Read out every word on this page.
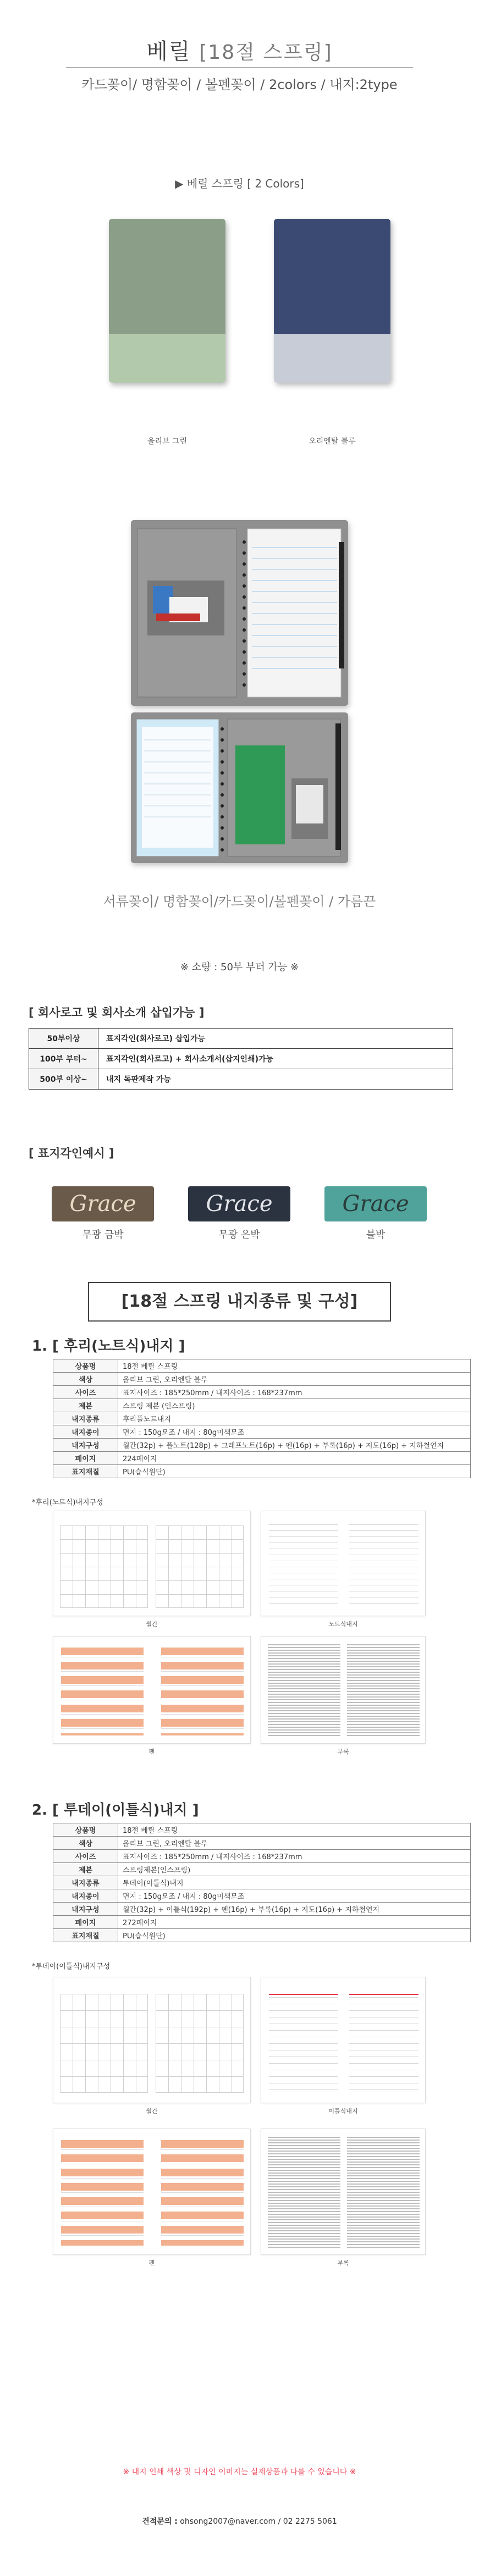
베릴 [18절 스프링]
카드꽂이/ 명함꽂이 / 볼펜꽂이 / 2colors / 내지:2type
▶ 베릴 스프링 [ 2 Colors]
올리브 그린	오리엔탈 블루
서류꽂이/ 명함꽂이/카드꽂이/볼펜꽂이 / 가름끈
※ 소량 : 50부 부터 가능 ※
[ 회사로고 및 회사소개 삽입가능 ]
50부이상	표지각인(회사로고) 삽입가능
100부 부터~	표지각인(회사로고) + 회사소개서(삽지인쇄)가능
500부 이상~	내지 독판제작 가능
[ 표지각인예시 ]
Grace
무광 금박
Grace
무광 은박
Grace
블박
[18절 스프링 내지종류 및 구성]
1. [ 후리(노트식)내지 ]
상품명	18절 베릴 스프링
색상	올리브 그린, 오리엔탈 블루
사이즈	표지사이즈 : 185*250mm / 내지사이즈 : 168*237mm
제본	스프링 제본 (인스프링)
내지종류	후리플노트내지
내지종이	면지 : 150g모조 / 내지 : 80g미색모조
내지구성	월간(32p) + 플노트(128p) + 그래프노트(16p) + 펜(16p) + 부록(16p) + 지도(16p) + 지하철연지
페이지	224페이지
표지재질	PU(습식원단)
*후리(노트식)내지구성
월간	노트식내지
펜	부록
2. [ 투데이(이틀식)내지 ]
상품명	18절 베릴 스프링
색상	올리브 그린, 오리엔탈 블루
사이즈	표지사이즈 : 185*250mm / 내지사이즈 : 168*237mm
제본	스프링제본(인스프링)
내지종류	투데이(이틀식)내지
내지종이	면지 : 150g모조 / 내지 : 80g미색모조
내지구성	월간(32p) + 이틀식(192p) + 펜(16p) + 부록(16p) + 지도(16p) + 지하철연지
페이지	272페이지
표지재질	PU(습식원단)
*투데이(이틀식)내지구성
월간	이틀식내지
펜	부록
※ 내지 인쇄 색상 및 디자인 이미지는 실제상품과 다를 수 있습니다 ※
견적문의 : ohsong2007@naver.com / 02 2275 5061
